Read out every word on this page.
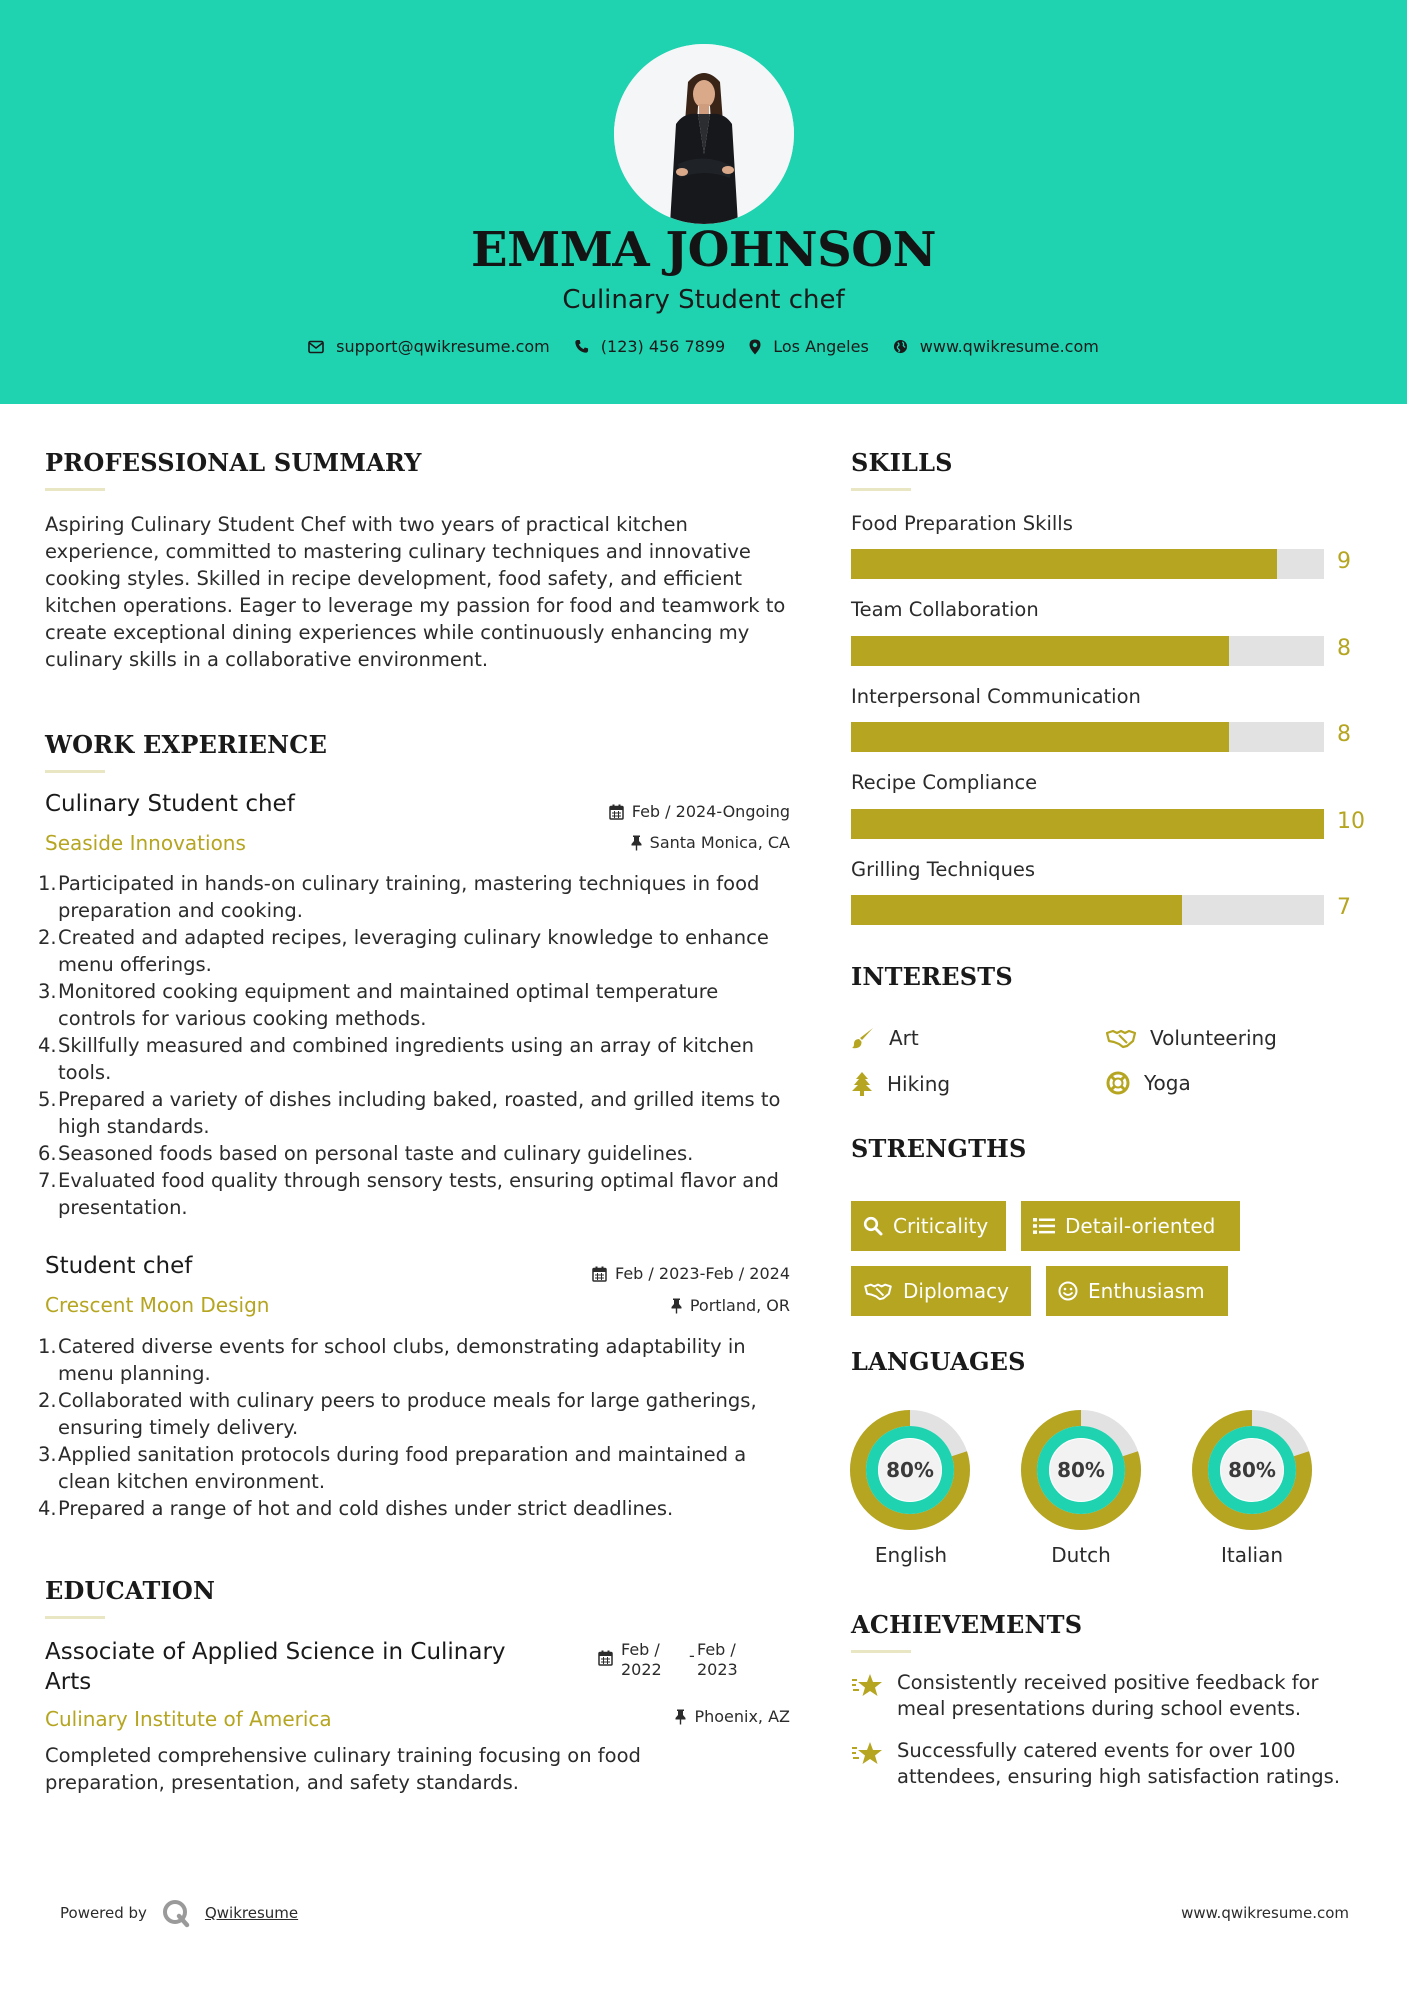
EMMA JOHNSON
Culinary Student chef
support@qwikresume.com	(123) 456 7899	Los Angeles	www.qwikresume.com
PROFESSIONAL SUMMARY
Aspiring Culinary Student Chef with two years of practical kitchen experience, committed to mastering culinary techniques and innovative cooking styles. Skilled in recipe development, food safety, and efficient kitchen operations. Eager to leverage my passion for food and teamwork to create exceptional dining experiences while continuously enhancing my culinary skills in a collaborative environment.
WORK EXPERIENCE
Culinary Student chef
Seaside Innovations
Feb / 2024-Ongoing
Santa Monica, CA
1. Participated in hands-on culinary training, mastering techniques in food preparation and cooking.
2. Created and adapted recipes, leveraging culinary knowledge to enhance menu offerings.
3. Monitored cooking equipment and maintained optimal temperature controls for various cooking methods.
4. Skillfully measured and combined ingredients using an array of kitchen tools.
5. Prepared a variety of dishes including baked, roasted, and grilled items to high standards.
6. Seasoned foods based on personal taste and culinary guidelines.
7. Evaluated food quality through sensory tests, ensuring optimal flavor and presentation.
Student chef
Crescent Moon Design
Feb / 2023-Feb / 2024
Portland, OR
1. Catered diverse events for school clubs, demonstrating adaptability in menu planning.
2. Collaborated with culinary peers to produce meals for large gatherings, ensuring timely delivery.
3. Applied sanitation protocols during food preparation and maintained a clean kitchen environment.
4. Prepared a range of hot and cold dishes under strict deadlines.
EDUCATION
Associate of Applied Science in Culinary
Arts
Culinary Institute of America
Feb /
2022
- Feb /
2023
Phoenix, AZ
Completed comprehensive culinary training focusing on food preparation, presentation, and safety standards.
SKILLS
Food Preparation Skills
9
Team Collaboration
8
Interpersonal Communication
8
Recipe Compliance
10
Grilling Techniques
7
INTERESTS
Art	Volunteering
Hiking	Yoga
STRENGTHS
Criticality	Detail-oriented
Diplomacy	Enthusiasm
LANGUAGES
80%	80%	80%
English	Dutch	Italian
ACHIEVEMENTS
Consistently received positive feedback for meal presentations during school events.
Successfully catered events for over 100 attendees, ensuring high satisfaction ratings.
Powered by	Qwikresume	www.qwikresume.com
